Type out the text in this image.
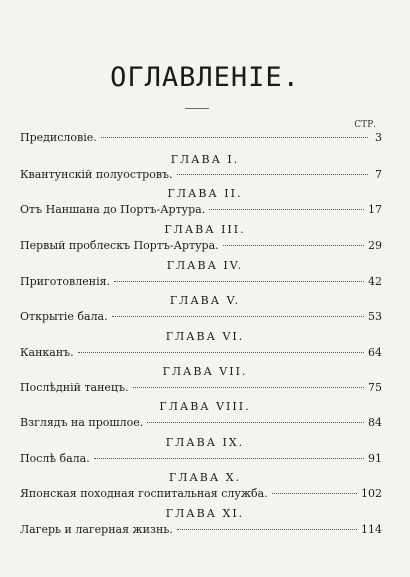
ОГЛАВЛЕНІЕ.
СТР.
Предисловіе.	3
ГЛАВА I.
Квантунскій полуостровъ.	7
ГЛАВА II.
Отъ Наншана до Портъ-Артура.	17
ГЛАВА III.
Первый проблескъ Портъ-Артура.	29
ГЛАВА IV.
Приготовленія.	42
ГЛАВА V.
Открытіе бала.	53
ГЛАВА VI.
Канканъ.	64
ГЛАВА VII.
Послѣдній танецъ.	75
ГЛАВА VIII.
Взглядъ на прошлое.	84
ГЛАВА IX.
Послѣ бала.	91
ГЛАВА X.
Японская походная госпитальная служба.	102
ГЛАВА XI.
Лагерь и лагерная жизнь.	114
